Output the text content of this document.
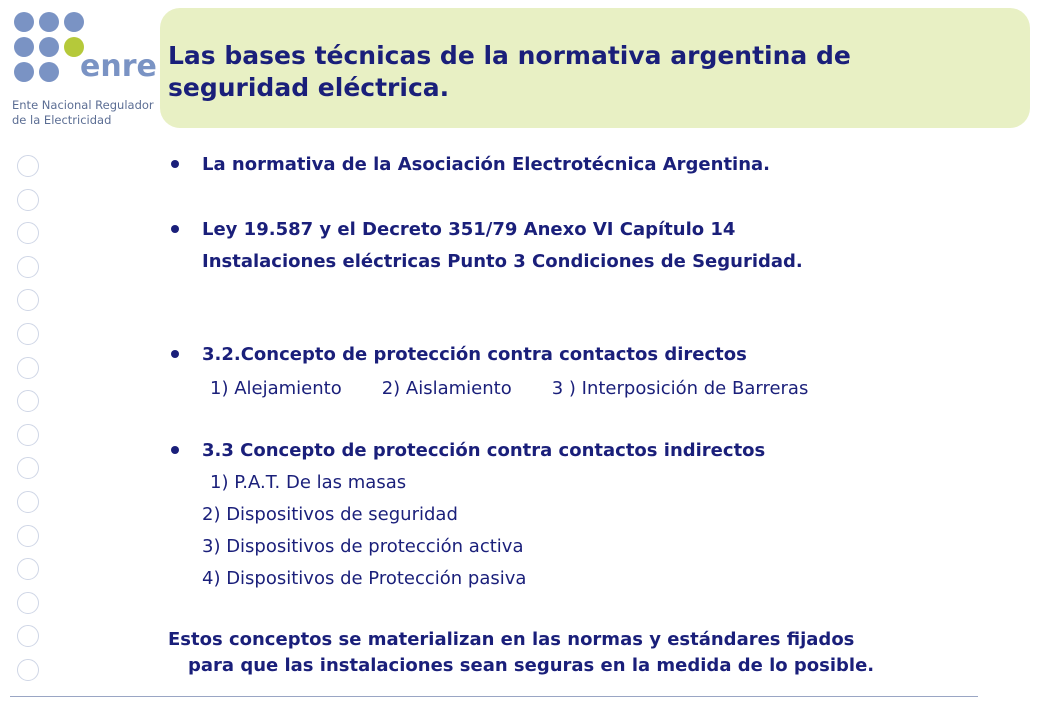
enre
Ente Nacional Regulador
de la Electricidad
Las bases técnicas de la normativa argentina de
seguridad eléctrica.
La normativa de la Asociación Electrotécnica Argentina.
Ley 19.587 y el Decreto 351/79 Anexo VI Capítulo 14
Instalaciones eléctricas Punto 3 Condiciones de Seguridad.
3.2.Concepto de protección contra contactos directos
1) Alejamiento 2) Aislamiento 3 ) Interposición de Barreras
3.3 Concepto de protección contra contactos indirectos
1) P.A.T. De las masas
2) Dispositivos de seguridad
3) Dispositivos de protección activa
4) Dispositivos de Protección pasiva
Estos conceptos se materializan en las normas y estándares fijados
para que las instalaciones sean seguras en la medida de lo posible.
